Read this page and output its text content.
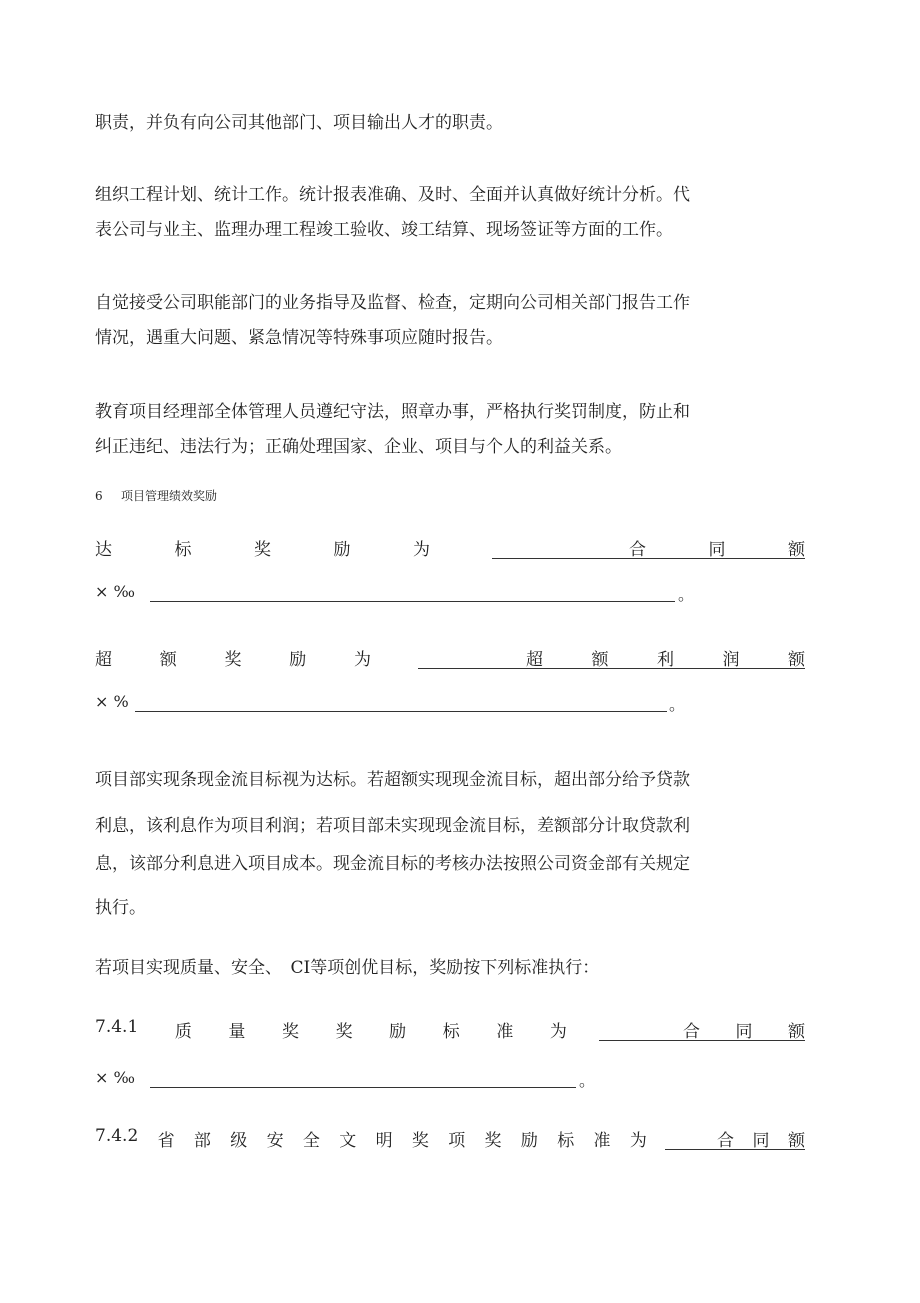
职责，并负有向公司其他部门、项目输出人才的职责。
组织工程计划、统计工作。统计报表准确、及时、全面并认真做好统计分析。代
表公司与业主、监理办理工程竣工验收、竣工结算、现场签证等方面的工作。
自觉接受公司职能部门的业务指导及监督、检查，定期向公司相关部门报告工作
情况，遇重大问题、紧急情况等特殊事项应随时报告。
教育项目经理部全体管理人员遵纪守法，照章办事，严格执行奖罚制度，防止和
纠正违纪、违法行为；正确处理国家、企业、项目与个人的利益关系。
6 项目管理绩效奖励
达	标	奖	励	为	合	同	额
× ‰	。
超	额	奖	励	为	超	额	利	润	额
× %	。
项目部实现条现金流目标视为达标。若超额实现现金流目标，超出部分给予贷款
利息，该利息作为项目利润；若项目部未实现现金流目标，差额部分计取贷款利
息，该部分利息进入项目成本。现金流目标的考核办法按照公司资金部有关规定
执行。
若项目实现质量、安全、　CI等项创优目标，奖励按下列标准执行：
7.4.1 质 量 奖 奖 励 标 准 为	合 同 额
× ‰	。
7.4.2 省 部 级 安 全 文 明 奖 项 奖 励 标 准 为	合 同 额
